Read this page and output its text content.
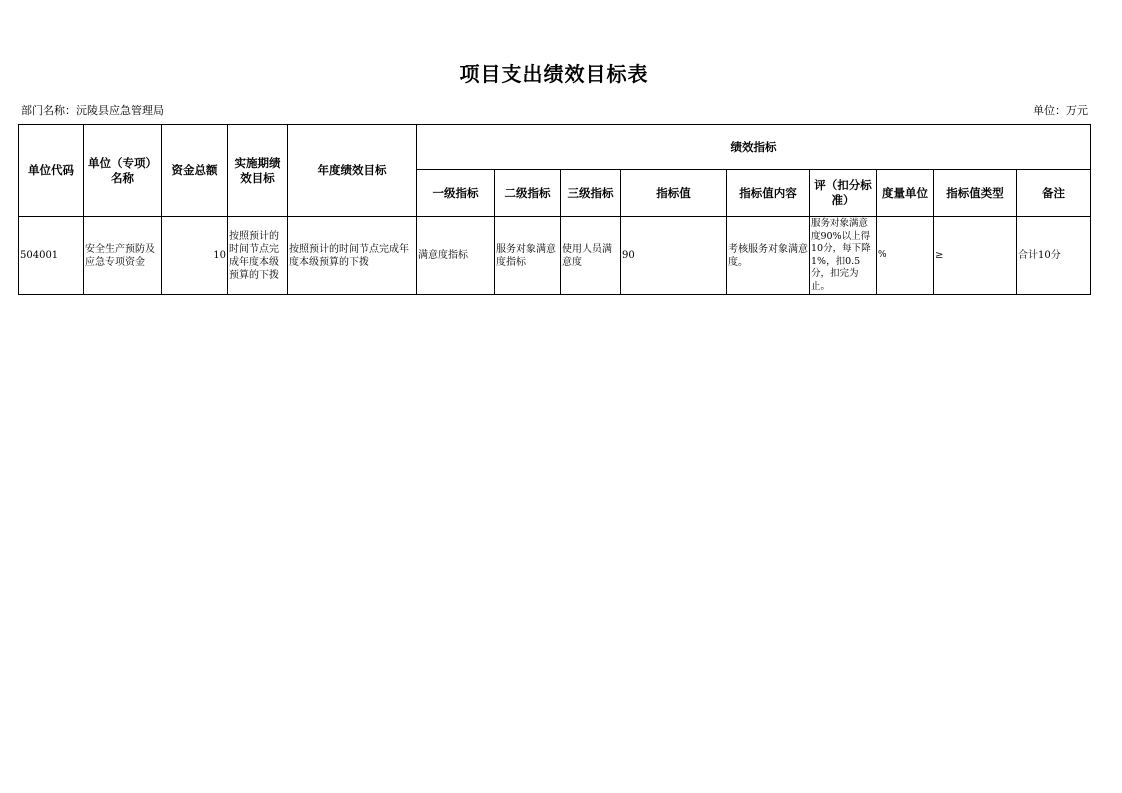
项目支出绩效目标表
部门名称：沅陵县应急管理局	单位：万元
单位代码	单位（专项）名称	资金总额	实施期绩效目标	年度绩效目标	绩效指标								
					一级指标	二级指标	三级指标	指标值	指标值内容	评（扣分标准）	度量单位	指标值类型	备注
504001	安全生产预防及应急专项资金	10	按照预计的时间节点完成年度本级预算的下拨	按照预计的时间节点完成年度本级预算的下拨	满意度指标	服务对象满意度指标	使用人员满意度	90	考核服务对象满意度。	服务对象满意度90%以上得10分，每下降1%，扣0.5分，扣完为止。	%	≥	合计10分
